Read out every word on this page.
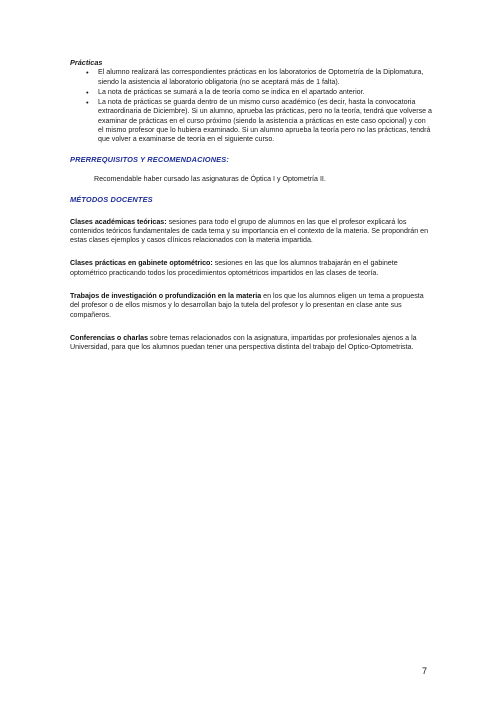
Prácticas

• El alumno realizará las correspondientes prácticas en los laboratorios de Optometría de la Diplomatura, siendo la asistencia al laboratorio obligatoria (no se aceptará más de 1 falta).
• La nota de prácticas se sumará a la de teoría como se indica en el apartado anterior.
• La nota de prácticas se guarda dentro de un mismo curso académico (es decir, hasta la convocatoria extraordinaria de Diciembre). Si un alumno, aprueba las prácticas, pero no la teoría, tendrá que volverse a examinar de prácticas en el curso próximo (siendo la asistencia a prácticas en este caso opcional) y con el mismo profesor que lo hubiera examinado. Si un alumno aprueba la teoría pero no las prácticas, tendrá que volver a examinarse de teoría en el siguiente curso.

PRERREQUISITOS Y RECOMENDACIONES:

Recomendable haber cursado las asignaturas de Óptica I y Optometría II.

MÉTODOS DOCENTES

Clases académicas teóricas: sesiones para todo el grupo de alumnos en las que el profesor explicará los contenidos teóricos fundamentales de cada tema y su importancia en el contexto de la materia. Se propondrán en estas clases ejemplos y casos clínicos relacionados con la materia impartida.

Clases prácticas en gabinete optométrico: sesiones en las que los alumnos trabajarán en el gabinete optométrico practicando todos los procedimientos optométricos impartidos en las clases de teoría.

Trabajos de investigación o profundización en la materia en los que los alumnos eligen un tema a propuesta del profesor o de ellos mismos y lo desarrollan bajo la tutela del profesor y lo presentan en clase ante sus compañeros.

Conferencias o charlas sobre temas relacionados con la asignatura, impartidas por profesionales ajenos a la Universidad, para que los alumnos puedan tener una perspectiva distinta del trabajo del Optico-Optometrista.

7
